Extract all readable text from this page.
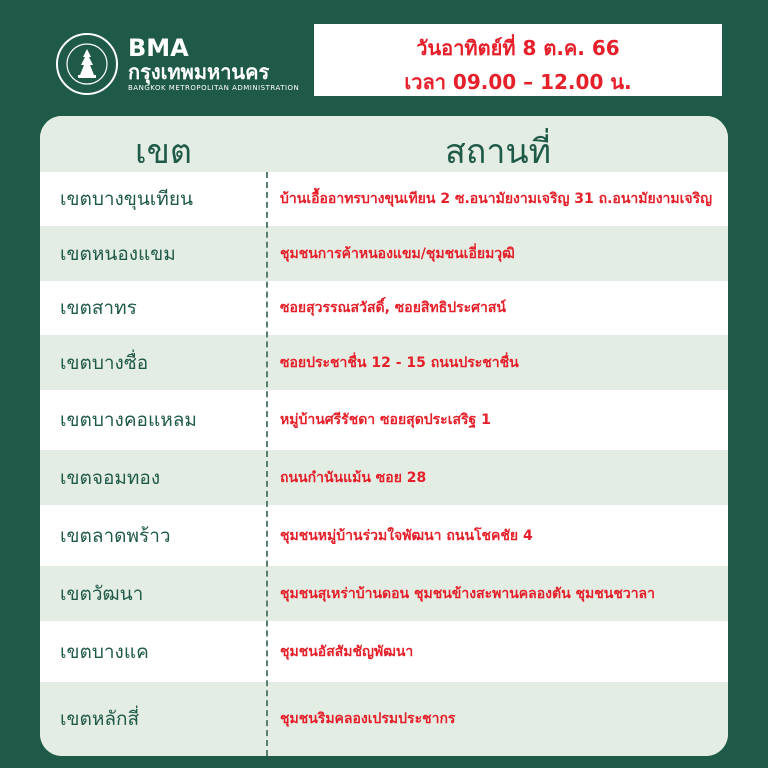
BMA
กรุงเทพมหานคร
BANGKOK METROPOLITAN ADMINISTRATION
วันอาทิตย์ที่ 8 ต.ค. 66
เวลา 09.00 – 12.00 น.
เขต	สถานที่
เขตบางขุนเทียน	บ้านเอื้ออาทรบางขุนเทียน 2 ซ.อนามัยงามเจริญ 31 ถ.อนามัยงามเจริญ
เขตหนองแขม	ชุมชนการค้าหนองแขม/ชุมชนเอี่ยมวุฒิ
เขตสาทร	ซอยสุวรรณสวัสดิ์, ซอยสิทธิประศาสน์
เขตบางซื่อ	ซอยประชาชื่น 12 - 15 ถนนประชาชื่น
เขตบางคอแหลม	หมู่บ้านศรีรัชดา ซอยสุดประเสริฐ 1
เขตจอมทอง	ถนนกำนันแม้น ซอย 28
เขตลาดพร้าว	ชุมชนหมู่บ้านร่วมใจพัฒนา ถนนโชคชัย 4
เขตวัฒนา	ชุมชนสุเหร่าบ้านดอน ชุมชนข้างสะพานคลองตัน ชุมชนชวาลา
เขตบางแค	ชุมชนอัสสัมชัญพัฒนา
เขตหลักสี่	ชุมชนริมคลองเปรมประชากร
